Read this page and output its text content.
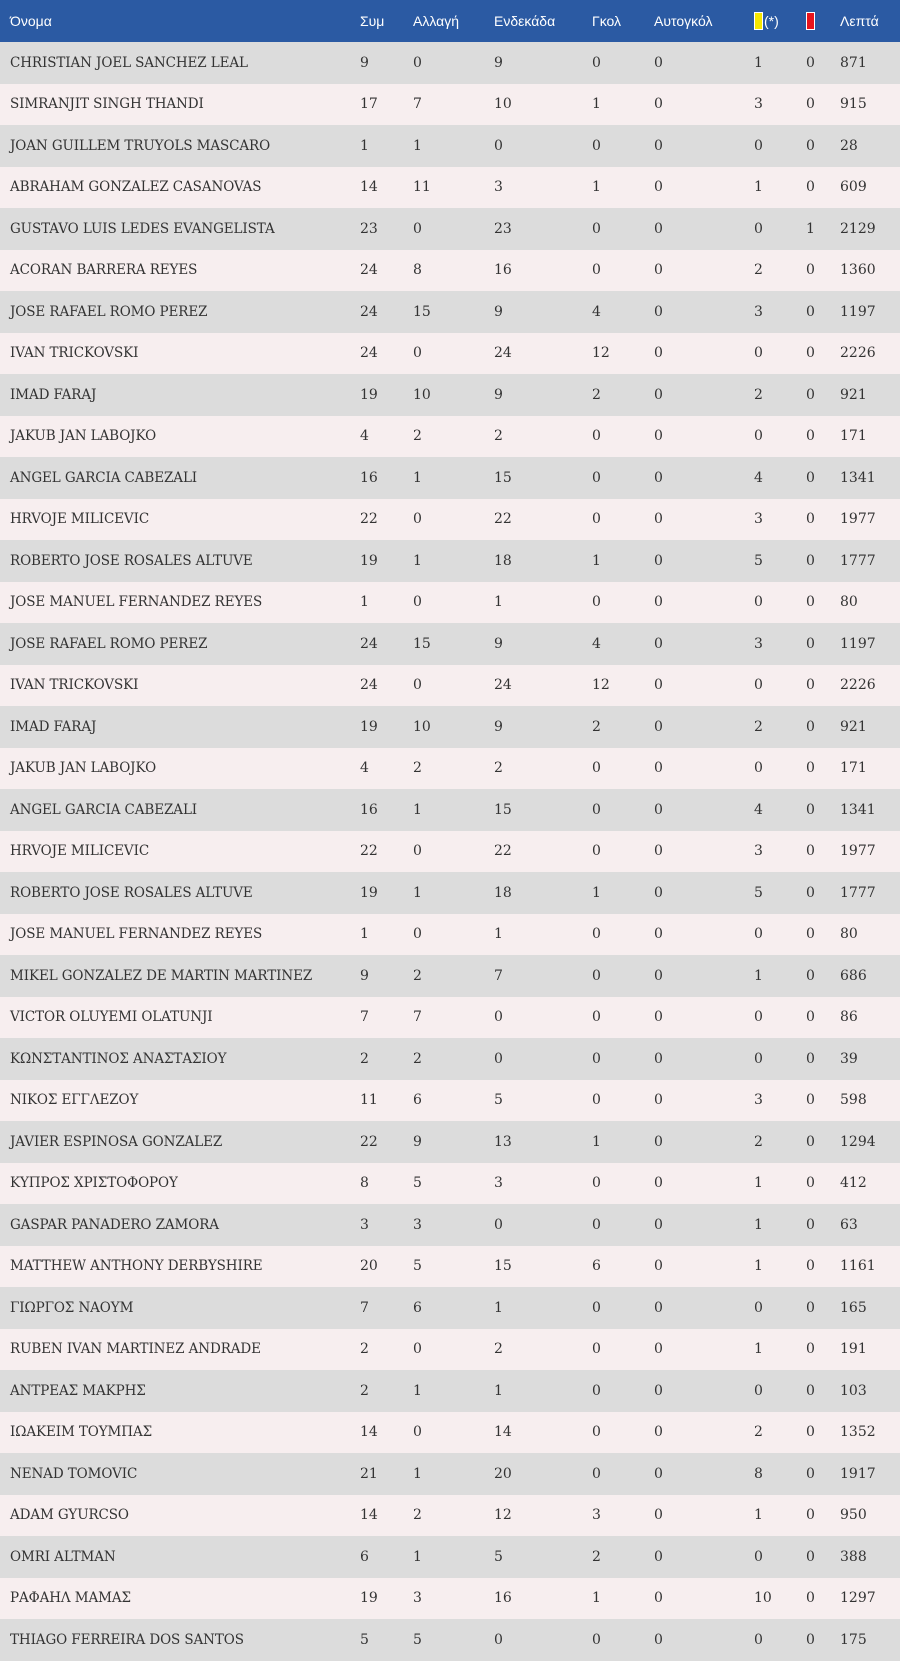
Όνομα	Συμ	Αλλαγή	Ενδεκάδα	Γκολ	Αυτογκόλ	(*)		Λεπτά
CHRISTIAN JOEL SANCHEZ LEAL	9	0	9	0	0	1	0	871
SIMRANJIT SINGH THANDI	17	7	10	1	0	3	0	915
JOAN GUILLEM TRUYOLS MASCARO	1	1	0	0	0	0	0	28
ABRAHAM GONZALEZ CASANOVAS	14	11	3	1	0	1	0	609
GUSTAVO LUIS LEDES EVANGELISTA	23	0	23	0	0	0	1	2129
ACORAN BARRERA REYES	24	8	16	0	0	2	0	1360
JOSE RAFAEL ROMO PEREZ	24	15	9	4	0	3	0	1197
IVAN TRICKOVSKI	24	0	24	12	0	0	0	2226
IMAD FARAJ	19	10	9	2	0	2	0	921
JAKUB JAN LABOJKO	4	2	2	0	0	0	0	171
ANGEL GARCIA CABEZALI	16	1	15	0	0	4	0	1341
HRVOJE MILICEVIC	22	0	22	0	0	3	0	1977
ROBERTO JOSE ROSALES ALTUVE	19	1	18	1	0	5	0	1777
JOSE MANUEL FERNANDEZ REYES	1	0	1	0	0	0	0	80
JOSE RAFAEL ROMO PEREZ	24	15	9	4	0	3	0	1197
IVAN TRICKOVSKI	24	0	24	12	0	0	0	2226
IMAD FARAJ	19	10	9	2	0	2	0	921
JAKUB JAN LABOJKO	4	2	2	0	0	0	0	171
ANGEL GARCIA CABEZALI	16	1	15	0	0	4	0	1341
HRVOJE MILICEVIC	22	0	22	0	0	3	0	1977
ROBERTO JOSE ROSALES ALTUVE	19	1	18	1	0	5	0	1777
JOSE MANUEL FERNANDEZ REYES	1	0	1	0	0	0	0	80
MIKEL GONZALEZ DE MARTIN MARTINEZ	9	2	7	0	0	1	0	686
VICTOR OLUYEMI OLATUNJI	7	7	0	0	0	0	0	86
ΚΩΝΣΤΑΝΤΙΝΟΣ ΑΝΑΣΤΑΣΙΟΥ	2	2	0	0	0	0	0	39
ΝΙΚΟΣ ΕΓΓΛΕΖΟΥ	11	6	5	0	0	3	0	598
JAVIER ESPINOSA GONZALEZ	22	9	13	1	0	2	0	1294
ΚΥΠΡΟΣ ΧΡΙΣΤΟΦΟΡΟΥ	8	5	3	0	0	1	0	412
GASPAR PANADERO ZAMORA	3	3	0	0	0	1	0	63
MATTHEW ANTHONY DERBYSHIRE	20	5	15	6	0	1	0	1161
ΓΙΩΡΓΟΣ ΝΑΟΥΜ	7	6	1	0	0	0	0	165
RUBEN IVAN MARTINEZ ANDRADE	2	0	2	0	0	1	0	191
ΑΝΤΡΕΑΣ ΜΑΚΡΗΣ	2	1	1	0	0	0	0	103
ΙΩΑΚΕΙΜ ΤΟΥΜΠΑΣ	14	0	14	0	0	2	0	1352
NENAD TOMOVIC	21	1	20	0	0	8	0	1917
ADAM GYURCSO	14	2	12	3	0	1	0	950
OMRI ALTMAN	6	1	5	2	0	0	0	388
ΡΑΦΑΗΛ ΜΑΜΑΣ	19	3	16	1	0	10	0	1297
THIAGO FERREIRA DOS SANTOS	5	5	0	0	0	0	0	175
